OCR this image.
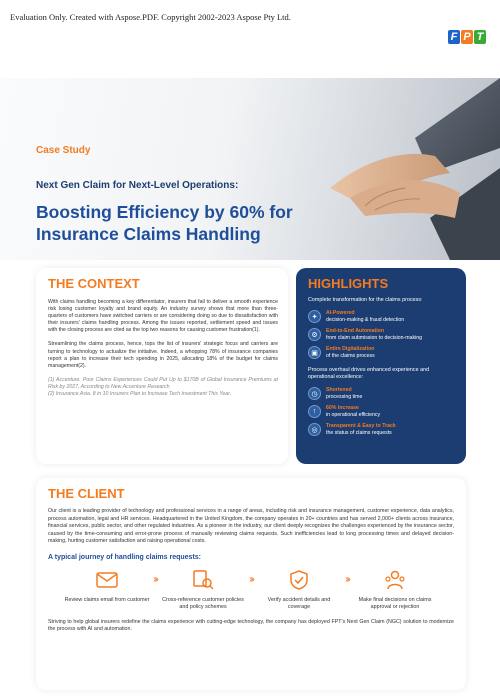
Evaluation Only. Created with Aspose.PDF. Copyright 2002-2023 Aspose Pty Ltd.
F P T
Case Study
Next Gen Claim for Next-Level Operations:
Boosting Efficiency by 60% for Insurance Claims Handling
THE CONTEXT

With claims handling becoming a key differentiator, insurers that fail to deliver a smooth experience risk losing customer loyalty and brand equity. An industry survey shows that more than three-quarters of customers have switched carriers or are considering doing so due to dissatisfaction with their insurers' claims handling process. Among the issues reported, settlement speed and issues with the closing process are cited as the top two reasons for causing customer frustration(1).

Streamlining the claims process, hence, tops the list of insurers' strategic focus and carriers are turning to technology to actualize the initiative. Indeed, a whopping 78% of insurance companies report a plan to increase their tech spending in 2025, allocating 18% of the budget for claims management(2).

(1) Accenture. Poor Claims Experiences Could Put Up to $170B of Global Insurance Premiums at Risk by 2027, According to New Accenture Research
(2) Insurance Asia. 8 in 10 Insurers Plan to Increase Tech Investment This Year.

HIGHLIGHTS
Complete transformation for the claims process:
✦
AI-Powered
decision-making & fraud detection
⚙
End-to-End Automation
from claim submission to decision-making
▣
Entire Digitalization
of the claims process
Process overhaul drives enhanced experience and operational excellence:
◷
Shortened
processing time
↑	60% Increase
in operational efficiency
◎
Transparent & Easy to Track
the status of claims requests
THE CLIENT

Our client is a leading provider of technology and professional services in a range of areas, including risk and insurance management, customer experience, data analytics, process automation, legal and HR services. Headquartered in the United Kingdom, the company operates in 20+ countries and has served 2,000+ clients across insurance, financial services, public sector, and other regulated industries. As a pioneer in the industry, our client deeply recognizes the challenges experienced by the insurance sector, caused by the time-consuming and error-prone process of manually reviewing claims requests. Such inefficiencies lead to long processing times and delayed decision-making, hurting customer satisfaction and raising operational costs.

A typical journey of handling claims requests:
Review claims email from customer
›››
Cross-reference customer policies and policy schemes
›››
Verify accident details and coverage
›››
Make final decisions on claims approval or rejection

Striving to help global insurers redefine the claims experience with cutting-edge technology, the company has deployed FPT's Next Gen Claim (NGC) solution to modernize the process with AI and automation.
